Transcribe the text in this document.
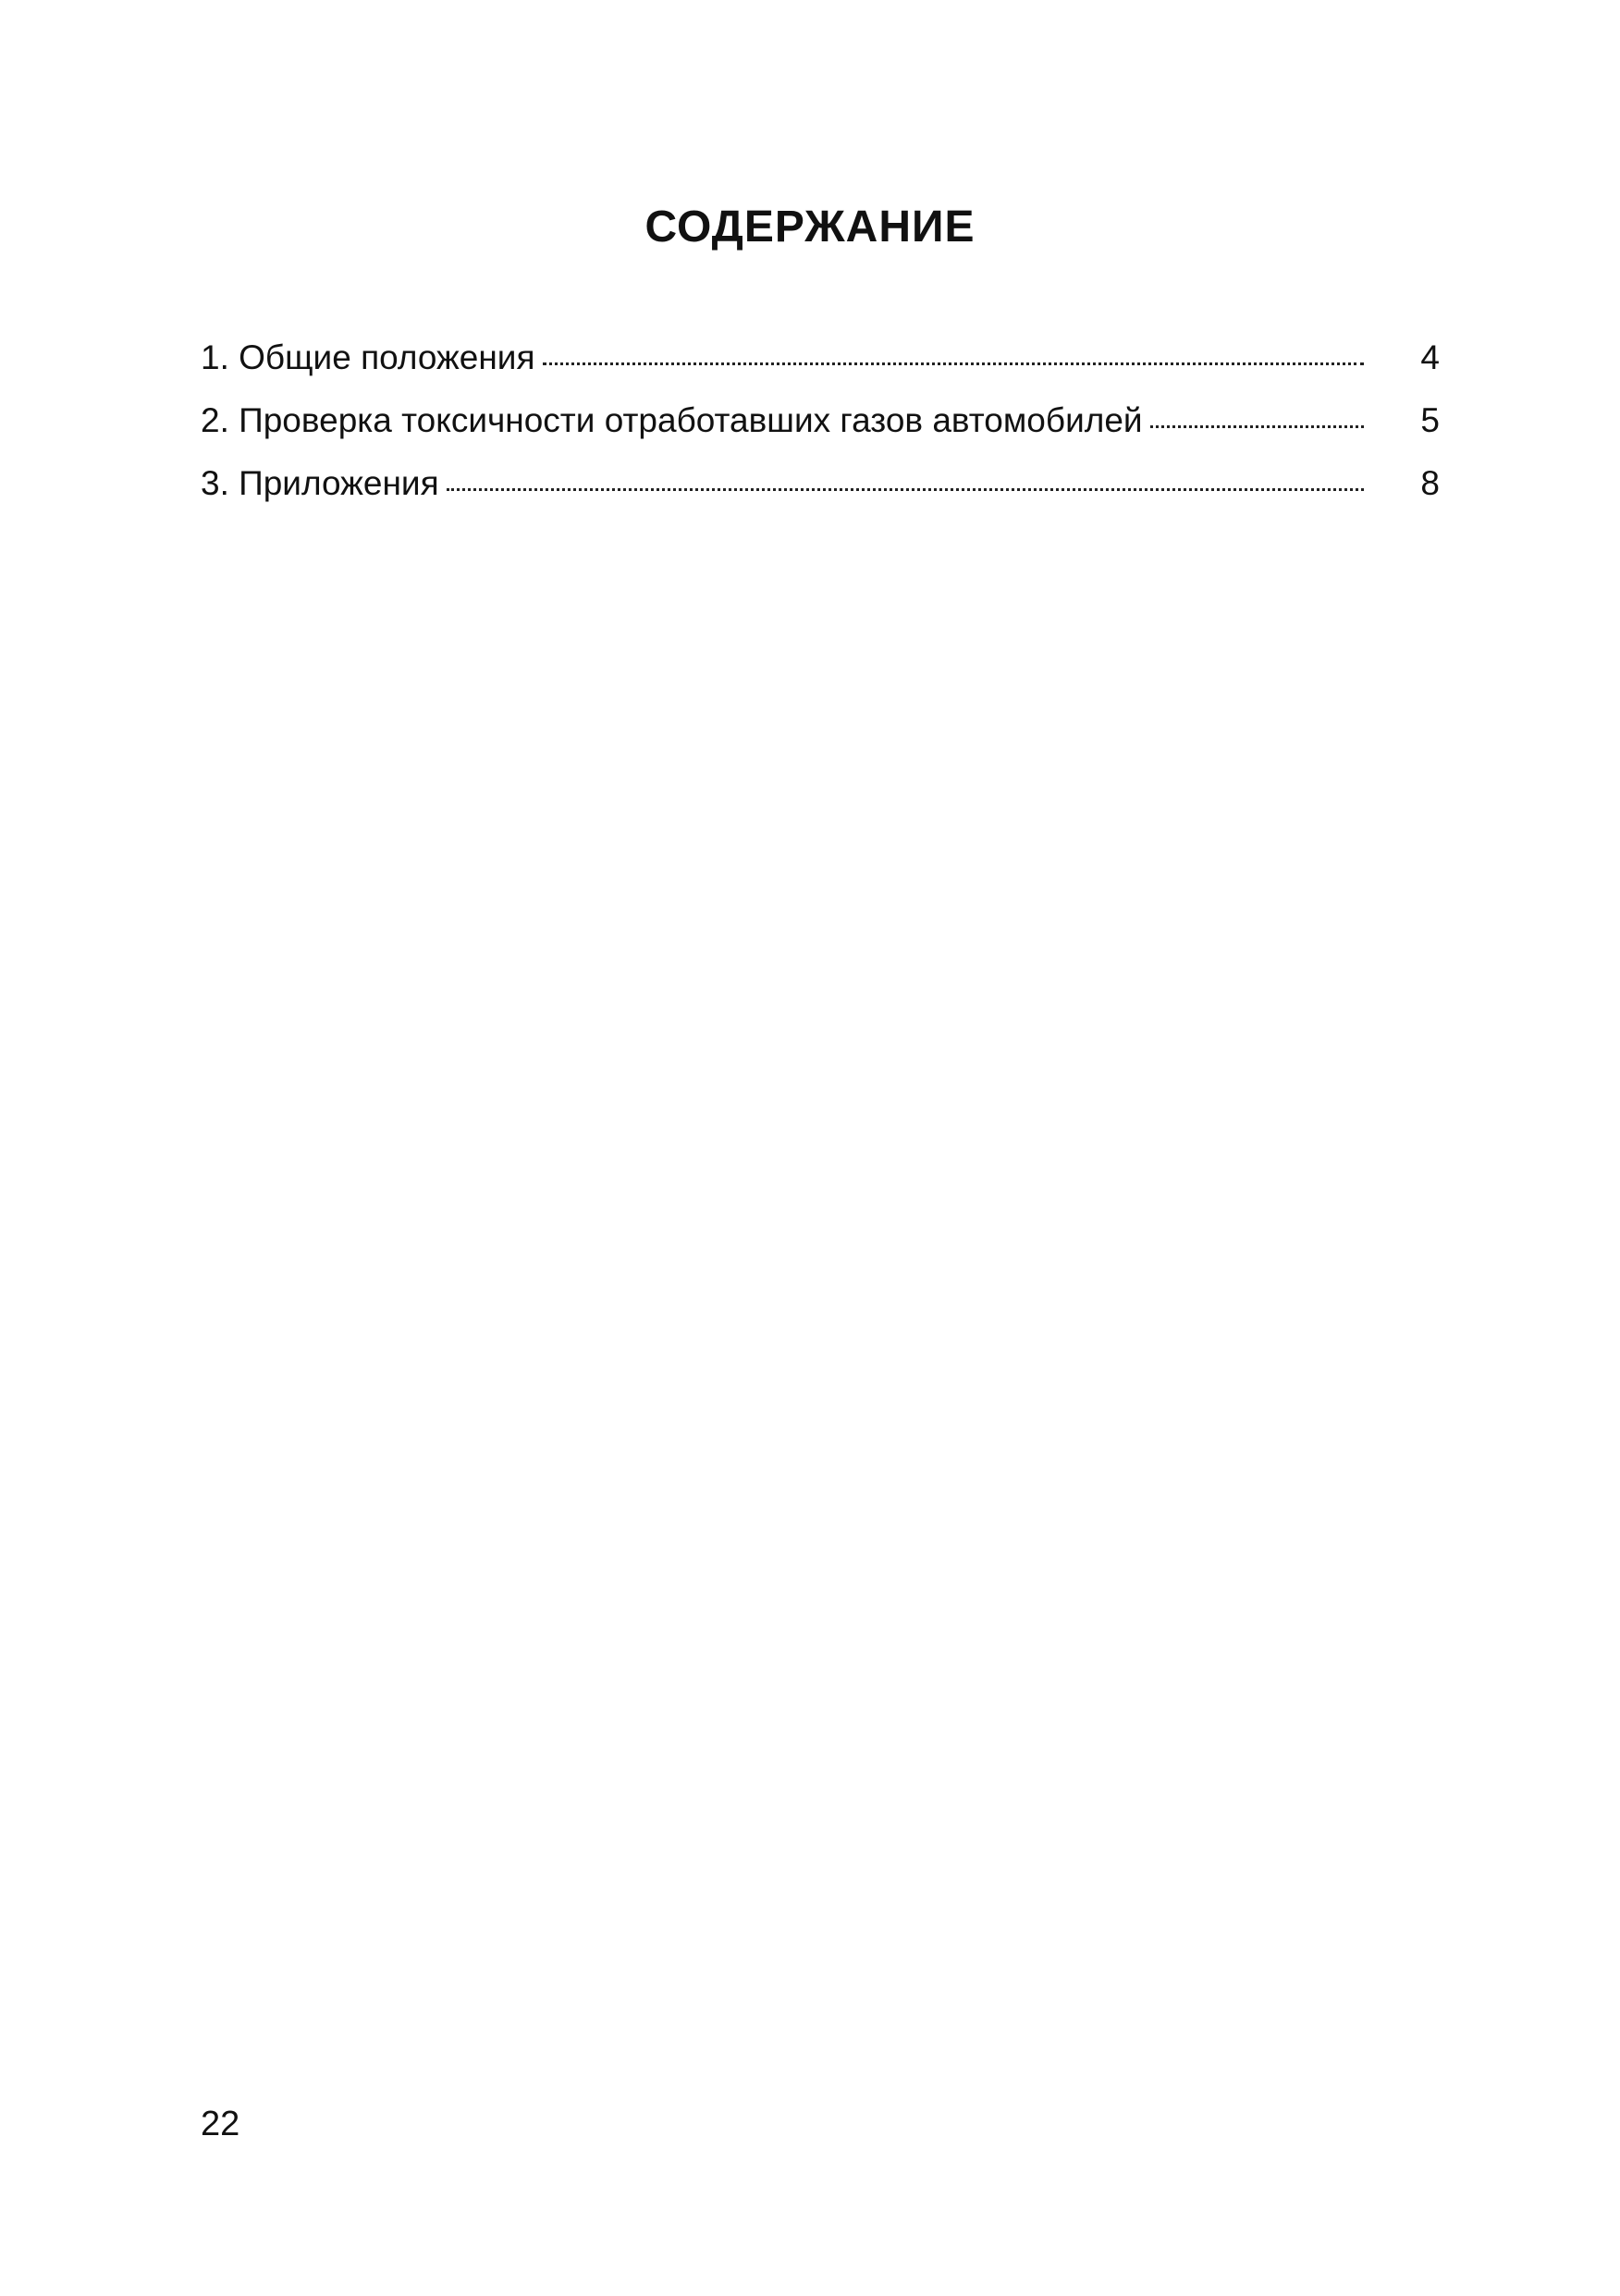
СОДЕРЖАНИЕ
1. Общие положения	4
2. Проверка токсичности отработавших газов автомобилей	5
3. Приложения	8
22
